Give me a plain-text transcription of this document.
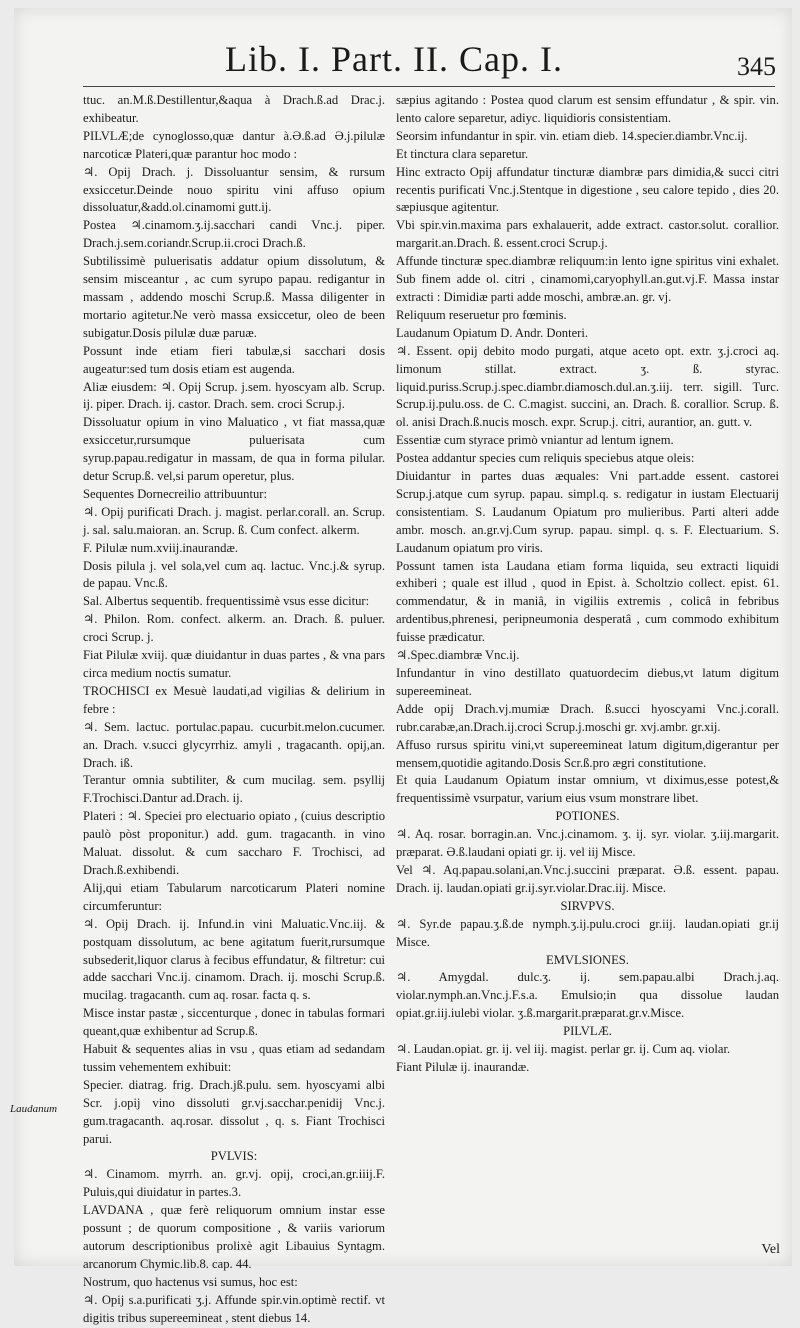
Lib. I. Part. II. Cap. I.	345

ttuc. an.M.ß.Destillentur,&aqua à Drach.ß.ad Drac.j. exhibeatur.

PILVLÆ;de cynoglosso,quæ dantur à.Ə.ß.ad Ə.j.pilulæ narcoticæ Plateri,quæ parantur hoc modo :

♃. Opij Drach. j. Dissoluantur sensim, & rursum exsiccetur.Deinde nouo spiritu vini affuso opium dissoluatur,&add.ol.cinamomi gutt.ij.

Postea ♃.cinamom.ʒ.ij.sacchari candi Vnc.j. piper. Drach.j.sem.coriandr.Scrup.ii.croci Drach.ß.

Subtilissimè puluerisatis addatur opium dissolutum, & sensim misceantur , ac cum syrupo papau. redigantur in massam , addendo moschi Scrup.ß. Massa diligenter in mortario agitetur.Ne verò massa exsiccetur, oleo de been subigatur.Dosis pilulæ duæ paruæ.

Possunt inde etiam fieri tabulæ,si sacchari dosis augeatur:sed tum dosis etiam est augenda.

Aliæ eiusdem: ♃. Opij Scrup. j.sem. hyoscyam alb. Scrup. ij. piper. Drach. ij. castor. Drach. sem. croci Scrup.j.

Dissoluatur opium in vino Maluatico , vt fiat massa,quæ exsiccetur,rursumque puluerisata cum syrup.papau.redigatur in massam, de qua in forma pilular. detur Scrup.ß. vel,si parum operetur, plus.

Sequentes Dornecreilio attribuuntur:

♃. Opij purificati Drach. j. magist. perlar.corall. an. Scrup. j. sal. salu.maioran. an. Scrup. ß. Cum confect. alkerm.

F. Pilulæ num.xviij.inaurandæ.

Dosis pilula j. vel sola,vel cum aq. lactuc. Vnc.j.& syrup. de papau. Vnc.ß.

Sal. Albertus sequentib. frequentissimè vsus esse dicitur:

♃. Philon. Rom. confect. alkerm. an. Drach. ß. puluer. croci Scrup. j.

Fiat Pilulæ xviij. quæ diuidantur in duas partes , & vna pars circa medium noctis sumatur.

TROCHISCI ex Mesuè laudati,ad vigilias & delirium in febre :

♃. Sem. lactuc. portulac.papau. cucurbit.melon.cucumer. an. Drach. v.succi glycyrrhiz. amyli , tragacanth. opij,an. Drach. iß.

Terantur omnia subtiliter, & cum mucilag. sem. psyllij F.Trochisci.Dantur ad.Drach. ij.

Plateri : ♃. Speciei pro electuario opiato , (cuius descriptio paulò pòst proponitur.) add. gum. tragacanth. in vino Maluat. dissolut. & cum saccharo F. Trochisci, ad Drach.ß.exhibendi.

Alij,qui etiam Tabularum narcoticarum Plateri nomine circumferuntur:

♃. Opij Drach. ij. Infund.in vini Maluatic.Vnc.iij. & postquam dissolutum, ac bene agitatum fuerit,rursumque subsederit,liquor clarus à fecibus effundatur, & filtretur: cui adde sacchari Vnc.ij. cinamom. Drach. ij. moschi Scrup.ß. mucilag. tragacanth. cum aq. rosar. facta q. s.

Misce instar pastæ , siccenturque , donec in tabulas formari queant,quæ exhibentur ad Scrup.ß.

Habuit & sequentes alias in vsu , quas etiam ad sedandam tussim vehementem exhibuit:

Specier. diatrag. frig. Drach.jß.pulu. sem. hyoscyami albi Scr. j.opij vino dissoluti gr.vj.sacchar.penidij Vnc.j. gum.tragacanth. aq.rosar. dissolut , q. s. Fiant Trochisci parui.

PVLVIS:

♃. Cinamom. myrrh. an. gr.vj. opij, croci,an.gr.iiij.F. Puluis,qui diuidatur in partes.3.

LAVDANA , quæ ferè reliquorum omnium instar esse possunt ; de quorum compositione , & variis variorum autorum descriptionibus prolixè agit Libauius Syntagm. arcanorum Chymic.lib.8. cap. 44.

Nostrum, quo hactenus vsi sumus, hoc est:

♃. Opij s.a.purificati ʒ.j. Affunde spir.vin.optimè rectif. vt digitis tribus supereemineat , stent diebus 14.

sæpius agitando : Postea quod clarum est sensim effundatur , & spir. vin. lento calore separetur, adiyc. liquidioris consistentiam.

Seorsim infundantur in spir. vin. etiam dieb. 14.specier.diambr.Vnc.ij.

Et tinctura clara separetur.

Hinc extracto Opij affundatur tincturæ diambræ pars dimidia,& succi citri recentis purificati Vnc.j.Stentque in digestione , seu calore tepido , dies 20. sæpiusque agitentur.

Vbi spir.vin.maxima pars exhalauerit, adde extract. castor.solut. corallior. margarit.an.Drach. ß. essent.croci Scrup.j.

Affunde tincturæ spec.diambræ reliquum:in lento igne spiritus vini exhalet. Sub finem adde ol. citri , cinamomi,caryophyll.an.gut.vj.F. Massa instar extracti : Dimidiæ parti adde moschi, ambræ.an. gr. vj.

Reliquum reseruetur pro fœminis.

Laudanum Opiatum D. Andr. Donteri.

♃. Essent. opij debito modo purgati, atque aceto opt. extr. ʒ.j.croci aq. limonum stillat. extract. ʒ. ß. styrac. liquid.puriss.Scrup.j.spec.diambr.diamosch.dul.an.ʒ.iij. terr. sigill. Turc. Scrup.ij.pulu.oss. de C. C.magist. succini, an. Drach. ß. corallior. Scrup. ß. ol. anisi Drach.ß.nucis mosch. expr. Scrup.j. citri, aurantior, an. gutt. v.

Essentiæ cum styrace primò vniantur ad lentum ignem.

Postea addantur species cum reliquis speciebus atque oleis:

Diuidantur in partes duas æquales: Vni part.adde essent. castorei Scrup.j.atque cum syrup. papau. simpl.q. s. redigatur in iustam Electuarij consistentiam. S. Laudanum Opiatum pro mulieribus. Parti alteri adde ambr. mosch. an.gr.vj.Cum syrup. papau. simpl. q. s. F. Electuarium. S. Laudanum opiatum pro viris.

Possunt tamen ista Laudana etiam forma liquida, seu extracti liquidi exhiberi ; quale est illud , quod in Epist. à. Scholtzio collect. epist. 61. commendatur, & in maniâ, in vigiliis extremis , colicâ in febribus ardentibus,phrenesi, peripneumonia desperatâ , cum commodo exhibitum fuisse prædicatur.

♃.Spec.diambræ Vnc.ij.

Infundantur in vino destillato quatuordecim diebus,vt latum digitum supereemineat.

Adde opij Drach.vj.mumiæ Drach. ß.succi hyoscyami Vnc.j.corall. rubr.carabæ,an.Drach.ij.croci Scrup.j.moschi gr. xvj.ambr. gr.xij.

Affuso rursus spiritu vini,vt supereemineat latum digitum,digerantur per mensem,quotidie agitando.Dosis Scr.ß.pro ægri constitutione.

Et quia Laudanum Opiatum instar omnium, vt diximus,esse potest,& frequentissimè vsurpatur, varium eius vsum monstrare libet.

POTIONES.

♃. Aq. rosar. borragin.an. Vnc.j.cinamom. ʒ. ij. syr. violar. ʒ.iij.margarit. præparat. Ə.ß.laudani opiati gr. ij. vel iij Misce.

Vel ♃. Aq.papau.solani,an.Vnc.j.succini præparat. Ə.ß. essent. papau. Drach. ij. laudan.opiati gr.ij.syr.violar.Drac.iij. Misce.

SIRVPVS.

♃. Syr.de papau.ʒ.ß.de nymph.ʒ.ij.pulu.croci gr.iij. laudan.opiati gr.ij Misce.

EMVLSIONES.

♃. Amygdal. dulc.ʒ. ij. sem.papau.albi Drach.j.aq. violar.nymph.an.Vnc.j.F.s.a. Emulsio;in qua dissolue laudan opiat.gr.iij.iulebi violar. ʒ.ß.margarit.præparat.gr.v.Misce.

PILVLÆ.

♃. Laudan.opiat. gr. ij. vel iij. magist. perlar gr. ij. Cum aq. violar.

Fiant Pilulæ ij. inaurandæ.

Vel
Laudanum
